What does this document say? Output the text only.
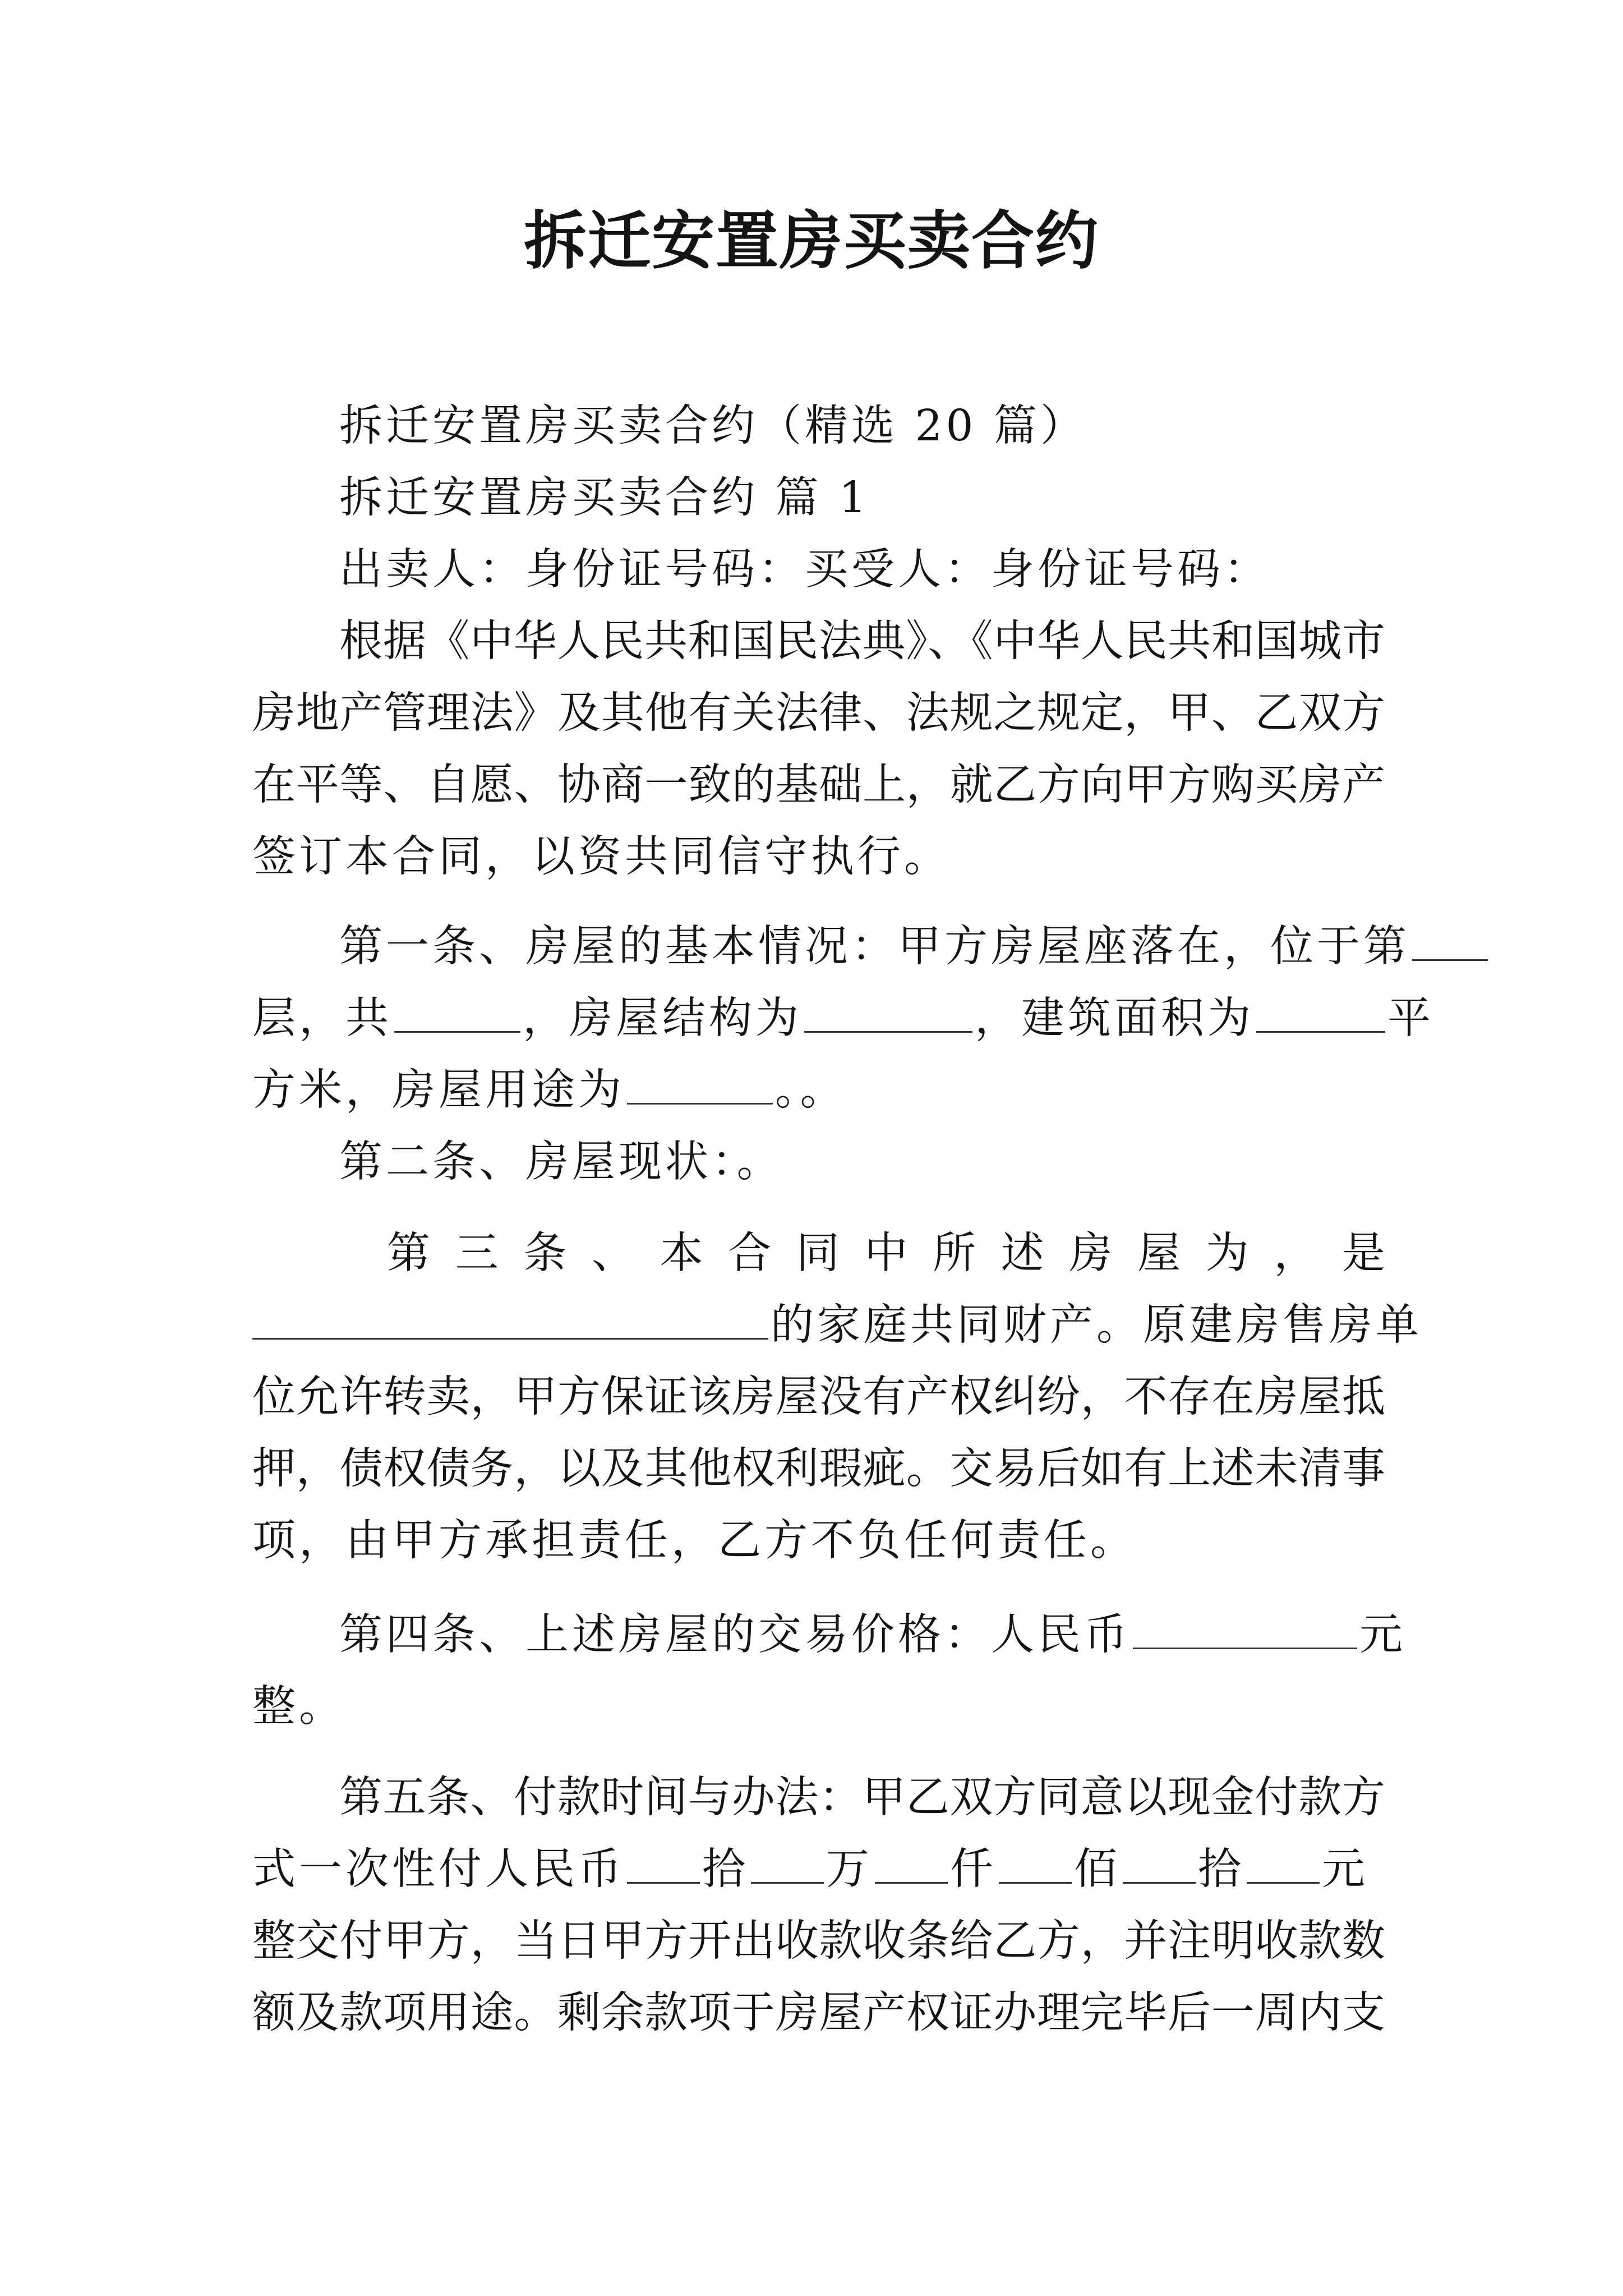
拆迁安置房买卖合约
拆迁安置房买卖合约（精选 20 篇）
拆迁安置房买卖合约 篇 1
出卖人：身份证号码：买受人：身份证号码：
根据《中华人民共和国民法典》、《中华人民共和国城市
房地产管理法》及其他有关法律、法规之规定，甲、乙双方
在平等、自愿、协商一致的基础上，就乙方向甲方购买房产
签订本合同，以资共同信守执行。
第一条、房屋的基本情况：甲方房屋座落在，位于第
层，共	，房屋结构为	，建筑面积为	平
方米，房屋用途为	。。
第二条、房屋现状：。
第三条、本合同中所述房屋为，是
的家庭共同财产。原建房售房单
位允许转卖，甲方保证该房屋没有产权纠纷，不存在房屋抵
押，债权债务，以及其他权利瑕疵。交易后如有上述未清事
项，由甲方承担责任，乙方不负任何责任。
第四条、上述房屋的交易价格：人民币	元
整。
第五条、付款时间与办法：甲乙双方同意以现金付款方
式一次性付人民币 拾 万 仟 佰 拾 元
整交付甲方，当日甲方开出收款收条给乙方，并注明收款数
额及款项用途。剩余款项于房屋产权证办理完毕后一周内支
